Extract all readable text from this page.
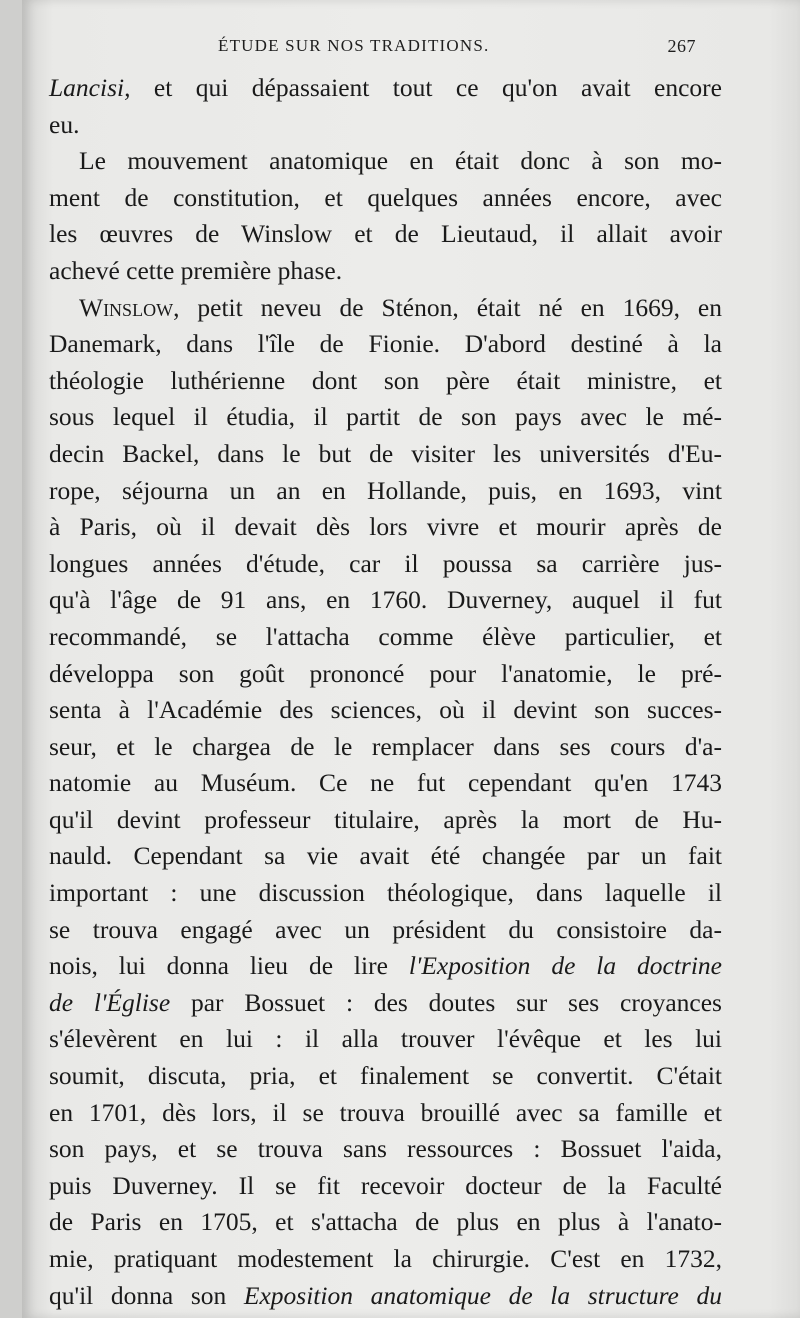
ÉTUDE SUR NOS TRADITIONS.	267
Lancisi, et qui dépassaient tout ce qu'on avait encore
eu.
Le mouvement anatomique en était donc à son mo-
ment de constitution, et quelques années encore, avec
les œuvres de Winslow et de Lieutaud, il allait avoir
achevé cette première phase.
Winslow, petit neveu de Sténon, était né en 1669, en
Danemark, dans l'île de Fionie. D'abord destiné à la
théologie luthérienne dont son père était ministre, et
sous lequel il étudia, il partit de son pays avec le mé-
decin Backel, dans le but de visiter les universités d'Eu-
rope, séjourna un an en Hollande, puis, en 1693, vint
à Paris, où il devait dès lors vivre et mourir après de
longues années d'étude, car il poussa sa carrière jus-
qu'à l'âge de 91 ans, en 1760. Duverney, auquel il fut
recommandé, se l'attacha comme élève particulier, et
développa son goût prononcé pour l'anatomie, le pré-
senta à l'Académie des sciences, où il devint son succes-
seur, et le chargea de le remplacer dans ses cours d'a-
natomie au Muséum. Ce ne fut cependant qu'en 1743
qu'il devint professeur titulaire, après la mort de Hu-
nauld. Cependant sa vie avait été changée par un fait
important : une discussion théologique, dans laquelle il
se trouva engagé avec un président du consistoire da-
nois, lui donna lieu de lire l'Exposition de la doctrine
de l'Église par Bossuet : des doutes sur ses croyances
s'élevèrent en lui : il alla trouver l'évêque et les lui
soumit, discuta, pria, et finalement se convertit. C'était
en 1701, dès lors, il se trouva brouillé avec sa famille et
son pays, et se trouva sans ressources : Bossuet l'aida,
puis Duverney. Il se fit recevoir docteur de la Faculté
de Paris en 1705, et s'attacha de plus en plus à l'anato-
mie, pratiquant modestement la chirurgie. C'est en 1732,
qu'il donna son Exposition anatomique de la structure du
